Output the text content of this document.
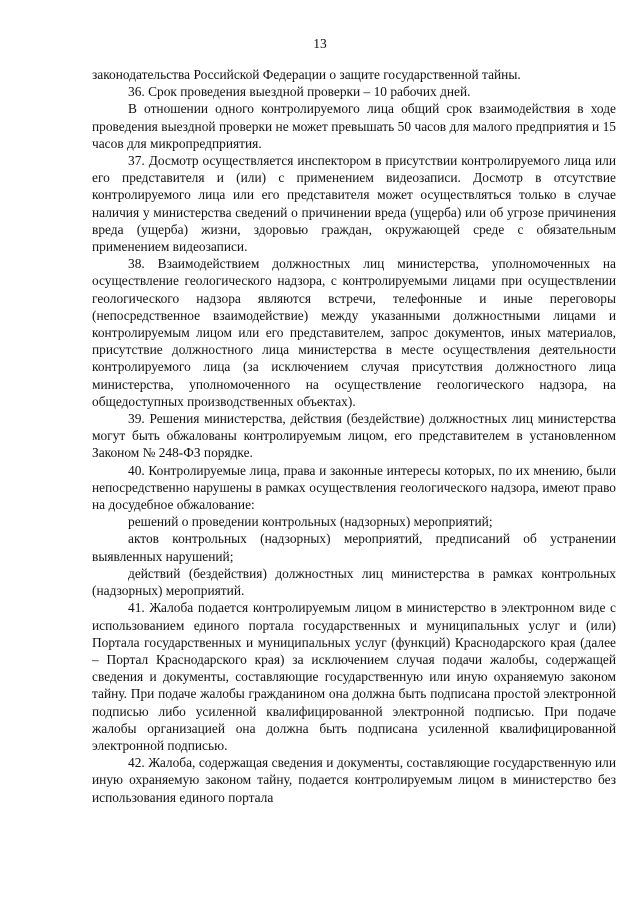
13

законодательства Российской Федерации о защите государственной тайны.

36. Срок проведения выездной проверки – 10 рабочих дней.

В отношении одного контролируемого лица общий срок взаимодействия в ходе проведения выездной проверки не может превышать 50 часов для малого предприятия и 15 часов для микропредприятия.

37. Досмотр осуществляется инспектором в присутствии контролируемого лица или его представителя и (или) с применением видеозаписи. Досмотр в отсутствие контролируемого лица или его представителя может осуществляться только в случае наличия у министерства сведений о причинении вреда (ущерба) или об угрозе причинения вреда (ущерба) жизни, здоровью граждан, окружающей среде с обязательным применением видеозаписи.

38. Взаимодействием должностных лиц министерства, уполномоченных на осуществление геологического надзора, с контролируемыми лицами при осуществлении геологического надзора являются встречи, телефонные и иные переговоры (непосредственное взаимодействие) между указанными должностными лицами и контролируемым лицом или его представителем, запрос документов, иных материалов, присутствие должностного лица министерства в месте осуществления деятельности контролируемого лица (за исключением случая присутствия должностного лица министерства, уполномоченного на осуществление геологического надзора, на общедоступных производственных объектах).

39. Решения министерства, действия (бездействие) должностных лиц министерства могут быть обжалованы контролируемым лицом, его представителем в установленном Законом № 248-ФЗ порядке.

40. Контролируемые лица, права и законные интересы которых, по их мнению, были непосредственно нарушены в рамках осуществления геологического надзора, имеют право на досудебное обжалование:

решений о проведении контрольных (надзорных) мероприятий;

актов контрольных (надзорных) мероприятий, предписаний об устранении выявленных нарушений;

действий (бездействия) должностных лиц министерства в рамках контрольных (надзорных) мероприятий.

41. Жалоба подается контролируемым лицом в министерство в электронном виде с использованием единого портала государственных и муниципальных услуг и (или) Портала государственных и муниципальных услуг (функций) Краснодарского края (далее – Портал Краснодарского края) за исключением случая подачи жалобы, содержащей сведения и документы, составляющие государственную или иную охраняемую законом тайну. При подаче жалобы гражданином она должна быть подписана простой электронной подписью либо усиленной квалифицированной электронной подписью. При подаче жалобы организацией она должна быть подписана усиленной квалифицированной электронной подписью.

42. Жалоба, содержащая сведения и документы, составляющие государственную или иную охраняемую законом тайну, подается контролируемым лицом в министерство без использования единого портала
